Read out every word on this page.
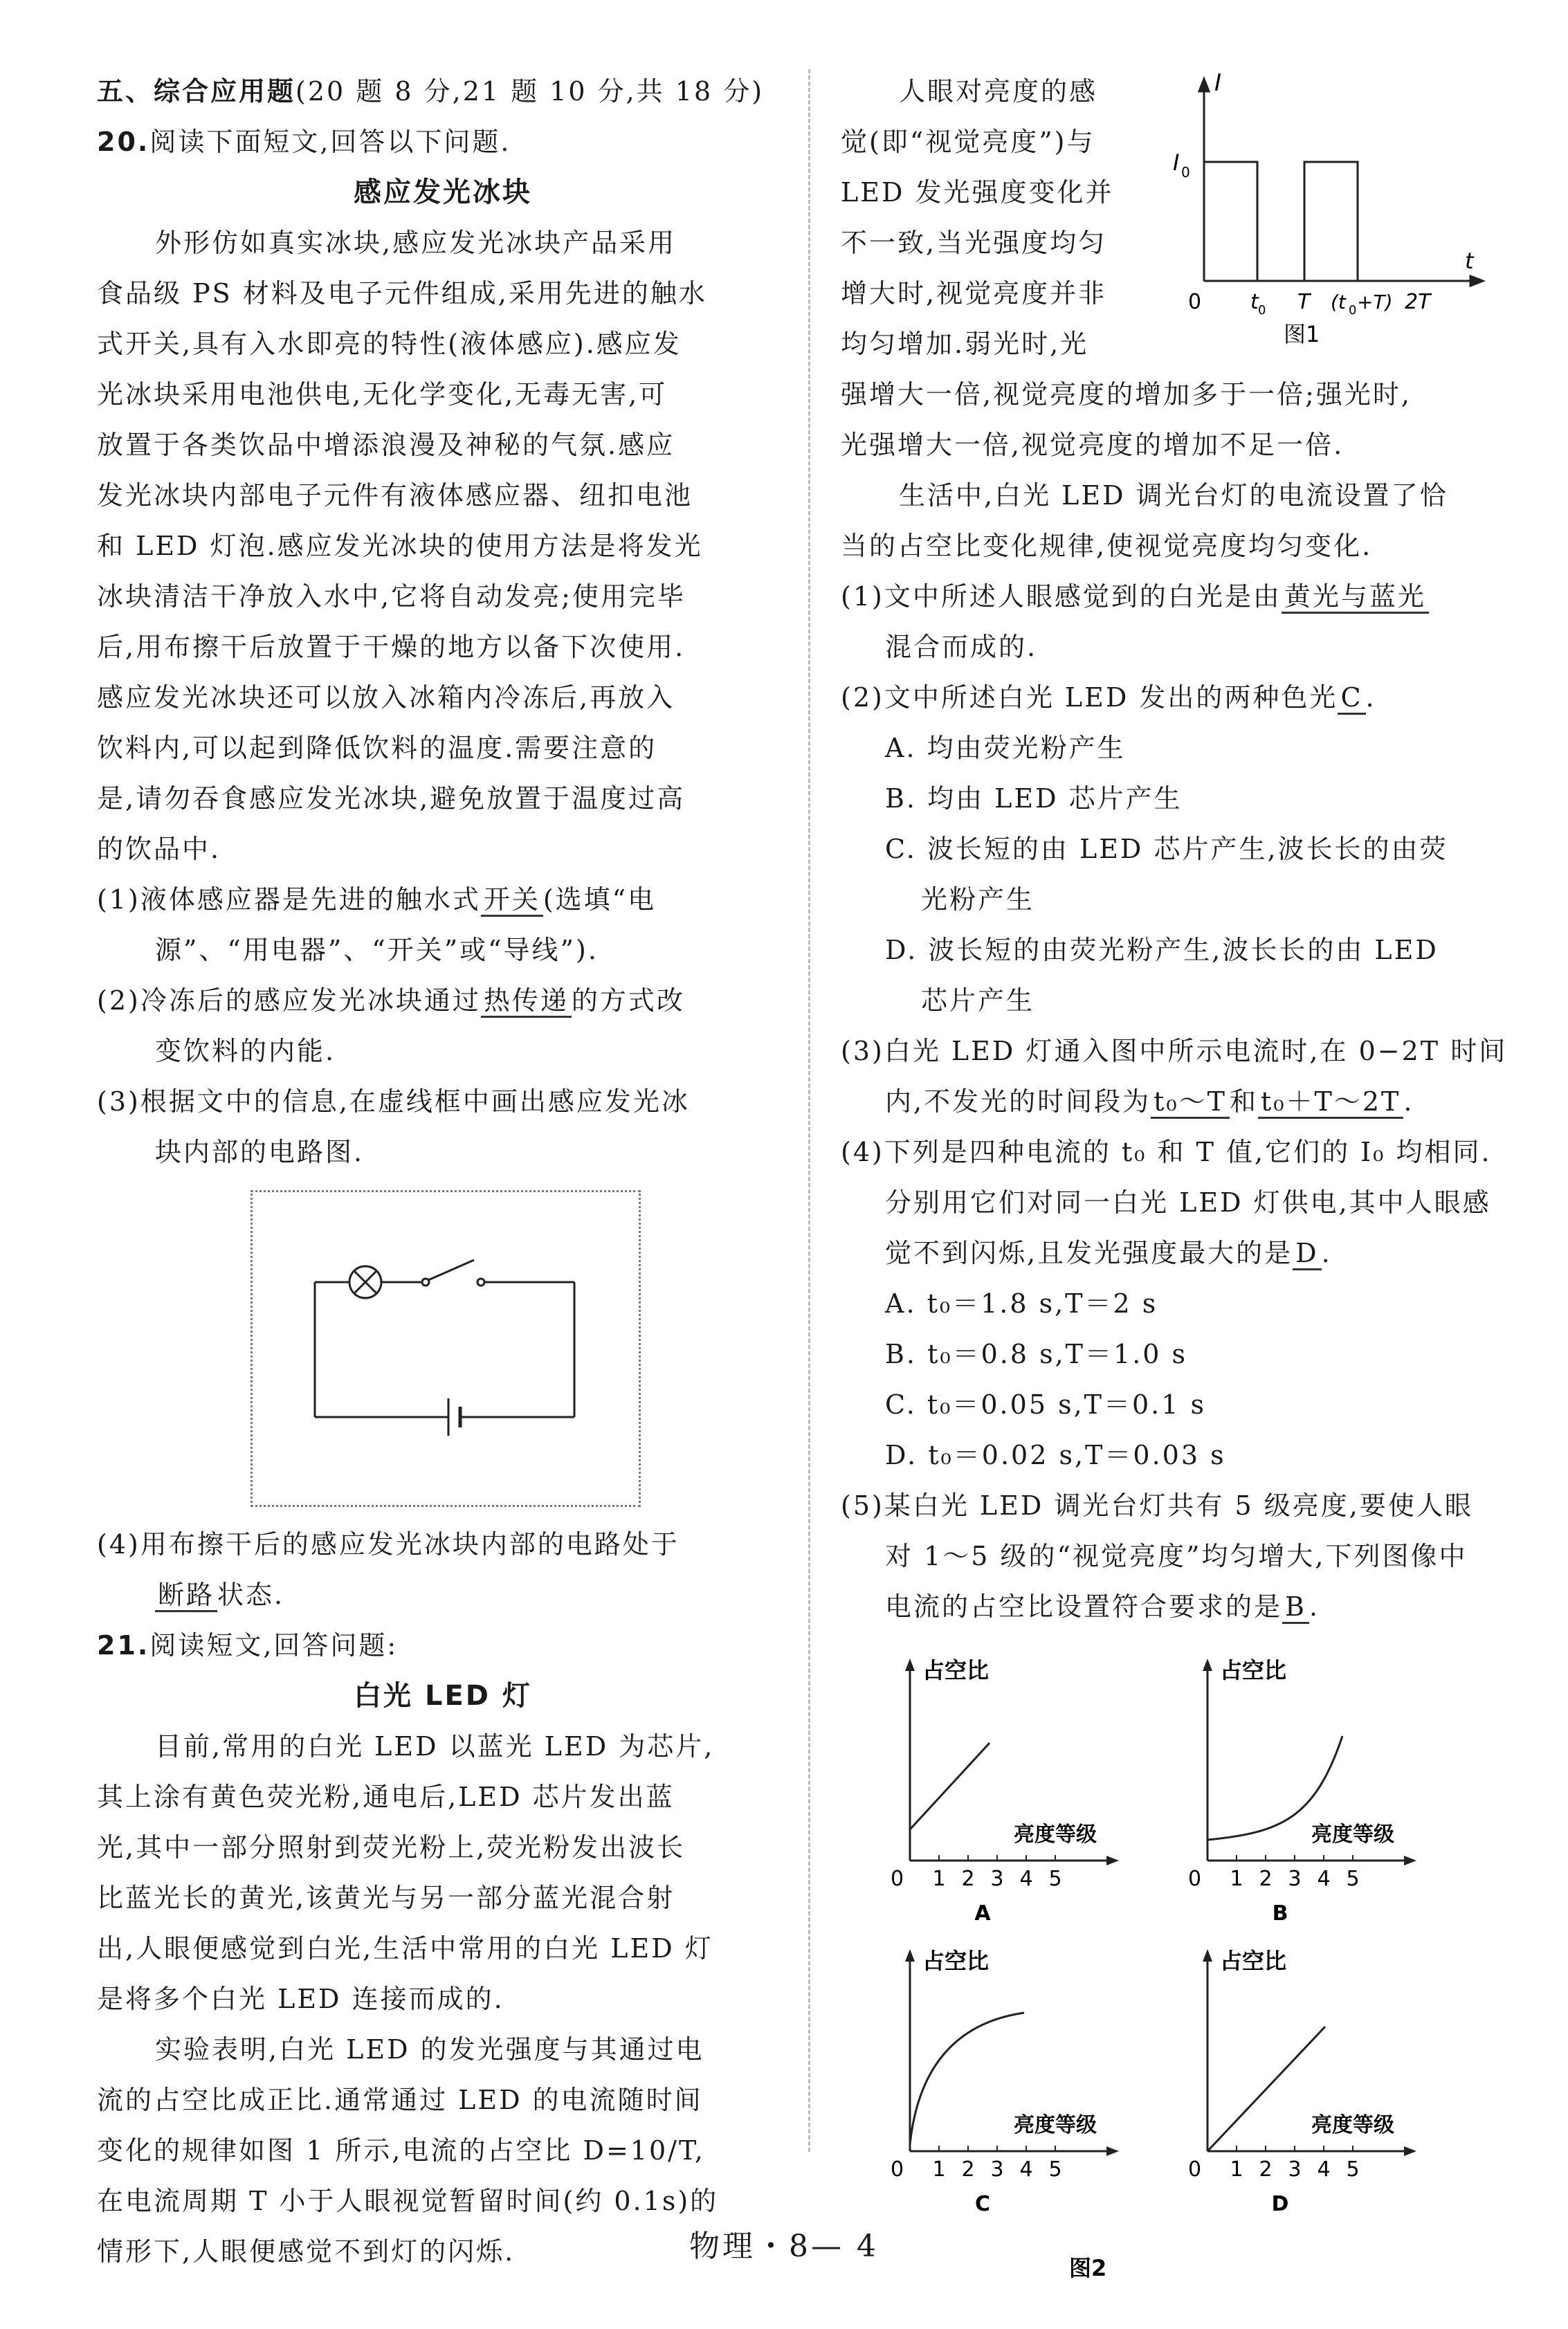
五、综合应用题(20 题 8 分,21 题 10 分,共 18 分)
20.阅读下面短文,回答以下问题.
感应发光冰块
外形仿如真实冰块,感应发光冰块产品采用
食品级 PS 材料及电子元件组成,采用先进的触水
式开关,具有入水即亮的特性(液体感应).感应发
光冰块采用电池供电,无化学变化,无毒无害,可
放置于各类饮品中增添浪漫及神秘的气氛.感应
发光冰块内部电子元件有液体感应器、纽扣电池
和 LED 灯泡.感应发光冰块的使用方法是将发光
冰块清洁干净放入水中,它将自动发亮;使用完毕
后,用布擦干后放置于干燥的地方以备下次使用.
感应发光冰块还可以放入冰箱内冷冻后,再放入
饮料内,可以起到降低饮料的温度.需要注意的
是,请勿吞食感应发光冰块,避免放置于温度过高
的饮品中.
(1)液体感应器是先进的触水式 开关 (选填“电
源”、“用电器”、“开关”或“导线”).
(2)冷冻后的感应发光冰块通过 热传递 的方式改
变饮料的内能.
(3)根据文中的信息,在虚线框中画出感应发光冰
块内部的电路图.
(4)用布擦干后的感应发光冰块内部的电路处于
断路 状态.
21.阅读短文,回答问题:
白光 LED 灯
目前,常用的白光 LED 以蓝光 LED 为芯片,
其上涂有黄色荧光粉,通电后,LED 芯片发出蓝
光,其中一部分照射到荧光粉上,荧光粉发出波长
比蓝光长的黄光,该黄光与另一部分蓝光混合射
出,人眼便感觉到白光,生活中常用的白光 LED 灯
是将多个白光 LED 连接而成的.
实验表明,白光 LED 的发光强度与其通过电
流的占空比成正比.通常通过 LED 的电流随时间
变化的规律如图 1 所示,电流的占空比 D=10/T,
在电流周期 T 小于人眼视觉暂留时间(约 0.1s)的
情形下,人眼便感觉不到灯的闪烁.
人眼对亮度的感
觉(即“视觉亮度”)与
LED 发光强度变化并
不一致,当光强度均匀
增大时,视觉亮度并非
均匀增加.弱光时,光
I
t
I 0
0 t 0 T (t 0 +T) 2T
图1
强增大一倍,视觉亮度的增加多于一倍;强光时,
光强增大一倍,视觉亮度的增加不足一倍.
生活中,白光 LED 调光台灯的电流设置了恰
当的占空比变化规律,使视觉亮度均匀变化.
(1)文中所述人眼感觉到的白光是由 黄光与蓝光
混合而成的.
(2)文中所述白光 LED 发出的两种色光 C .
A. 均由荧光粉产生
B. 均由 LED 芯片产生
C. 波长短的由 LED 芯片产生,波长长的由荧
光粉产生
D. 波长短的由荧光粉产生,波长长的由 LED
芯片产生
(3)白光 LED 灯通入图中所示电流时,在 0−2T 时间
内,不发光的时间段为 t₀～T 和 t₀＋T～2T .
(4)下列是四种电流的 t₀ 和 T 值,它们的 I₀ 均相同.
分别用它们对同一白光 LED 灯供电,其中人眼感
觉不到闪烁,且发光强度最大的是 D .
A. t₀＝1.8 s,T＝2 s
B. t₀＝0.8 s,T＝1.0 s
C. t₀＝0.05 s,T＝0.1 s
D. t₀＝0.02 s,T＝0.03 s
(5)某白光 LED 调光台灯共有 5 级亮度,要使人眼
对 1～5 级的“视觉亮度”均匀增大,下列图像中
电流的占空比设置符合要求的是 B .
占空比
亮度等级
0 1 2 3 4 5
A
占空比
亮度等级
0 1 2 3 4 5
B
占空比
亮度等级
0 1 2 3 4 5
C
占空比
亮度等级
0 1 2 3 4 5
D
图2
物理・8— 4
